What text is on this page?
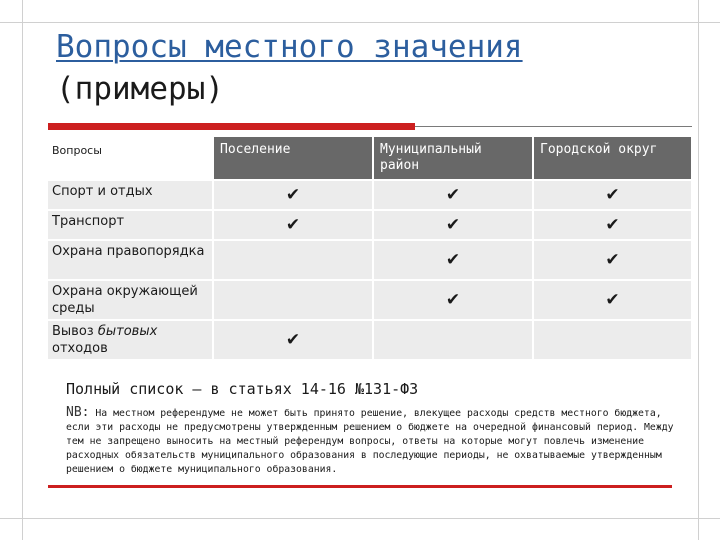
Вопросы местного значения
(примеры)
Вопросы	Поселение	Муниципальный район	Городской округ
Спорт и отдых	✔	✔	✔
Транспорт	✔	✔	✔
Охрана правопорядка		✔	✔
Охрана окружающей среды		✔	✔
Вывоз бытовых отходов	✔		
Полный список – в статьях 14-16 №131-ФЗ
NB: На местном референдуме не может быть принято решение, влекущее расходы средств местного бюджета, если эти расходы не предусмотрены утвержденным решением о бюджете на очередной финансовый период. Между тем не запрещено выносить на местный референдум вопросы, ответы на которые могут повлечь изменение расходных обязательств муниципального образования в последующие периоды, не охватываемые утвержденным решением о бюджете муниципального образования.
